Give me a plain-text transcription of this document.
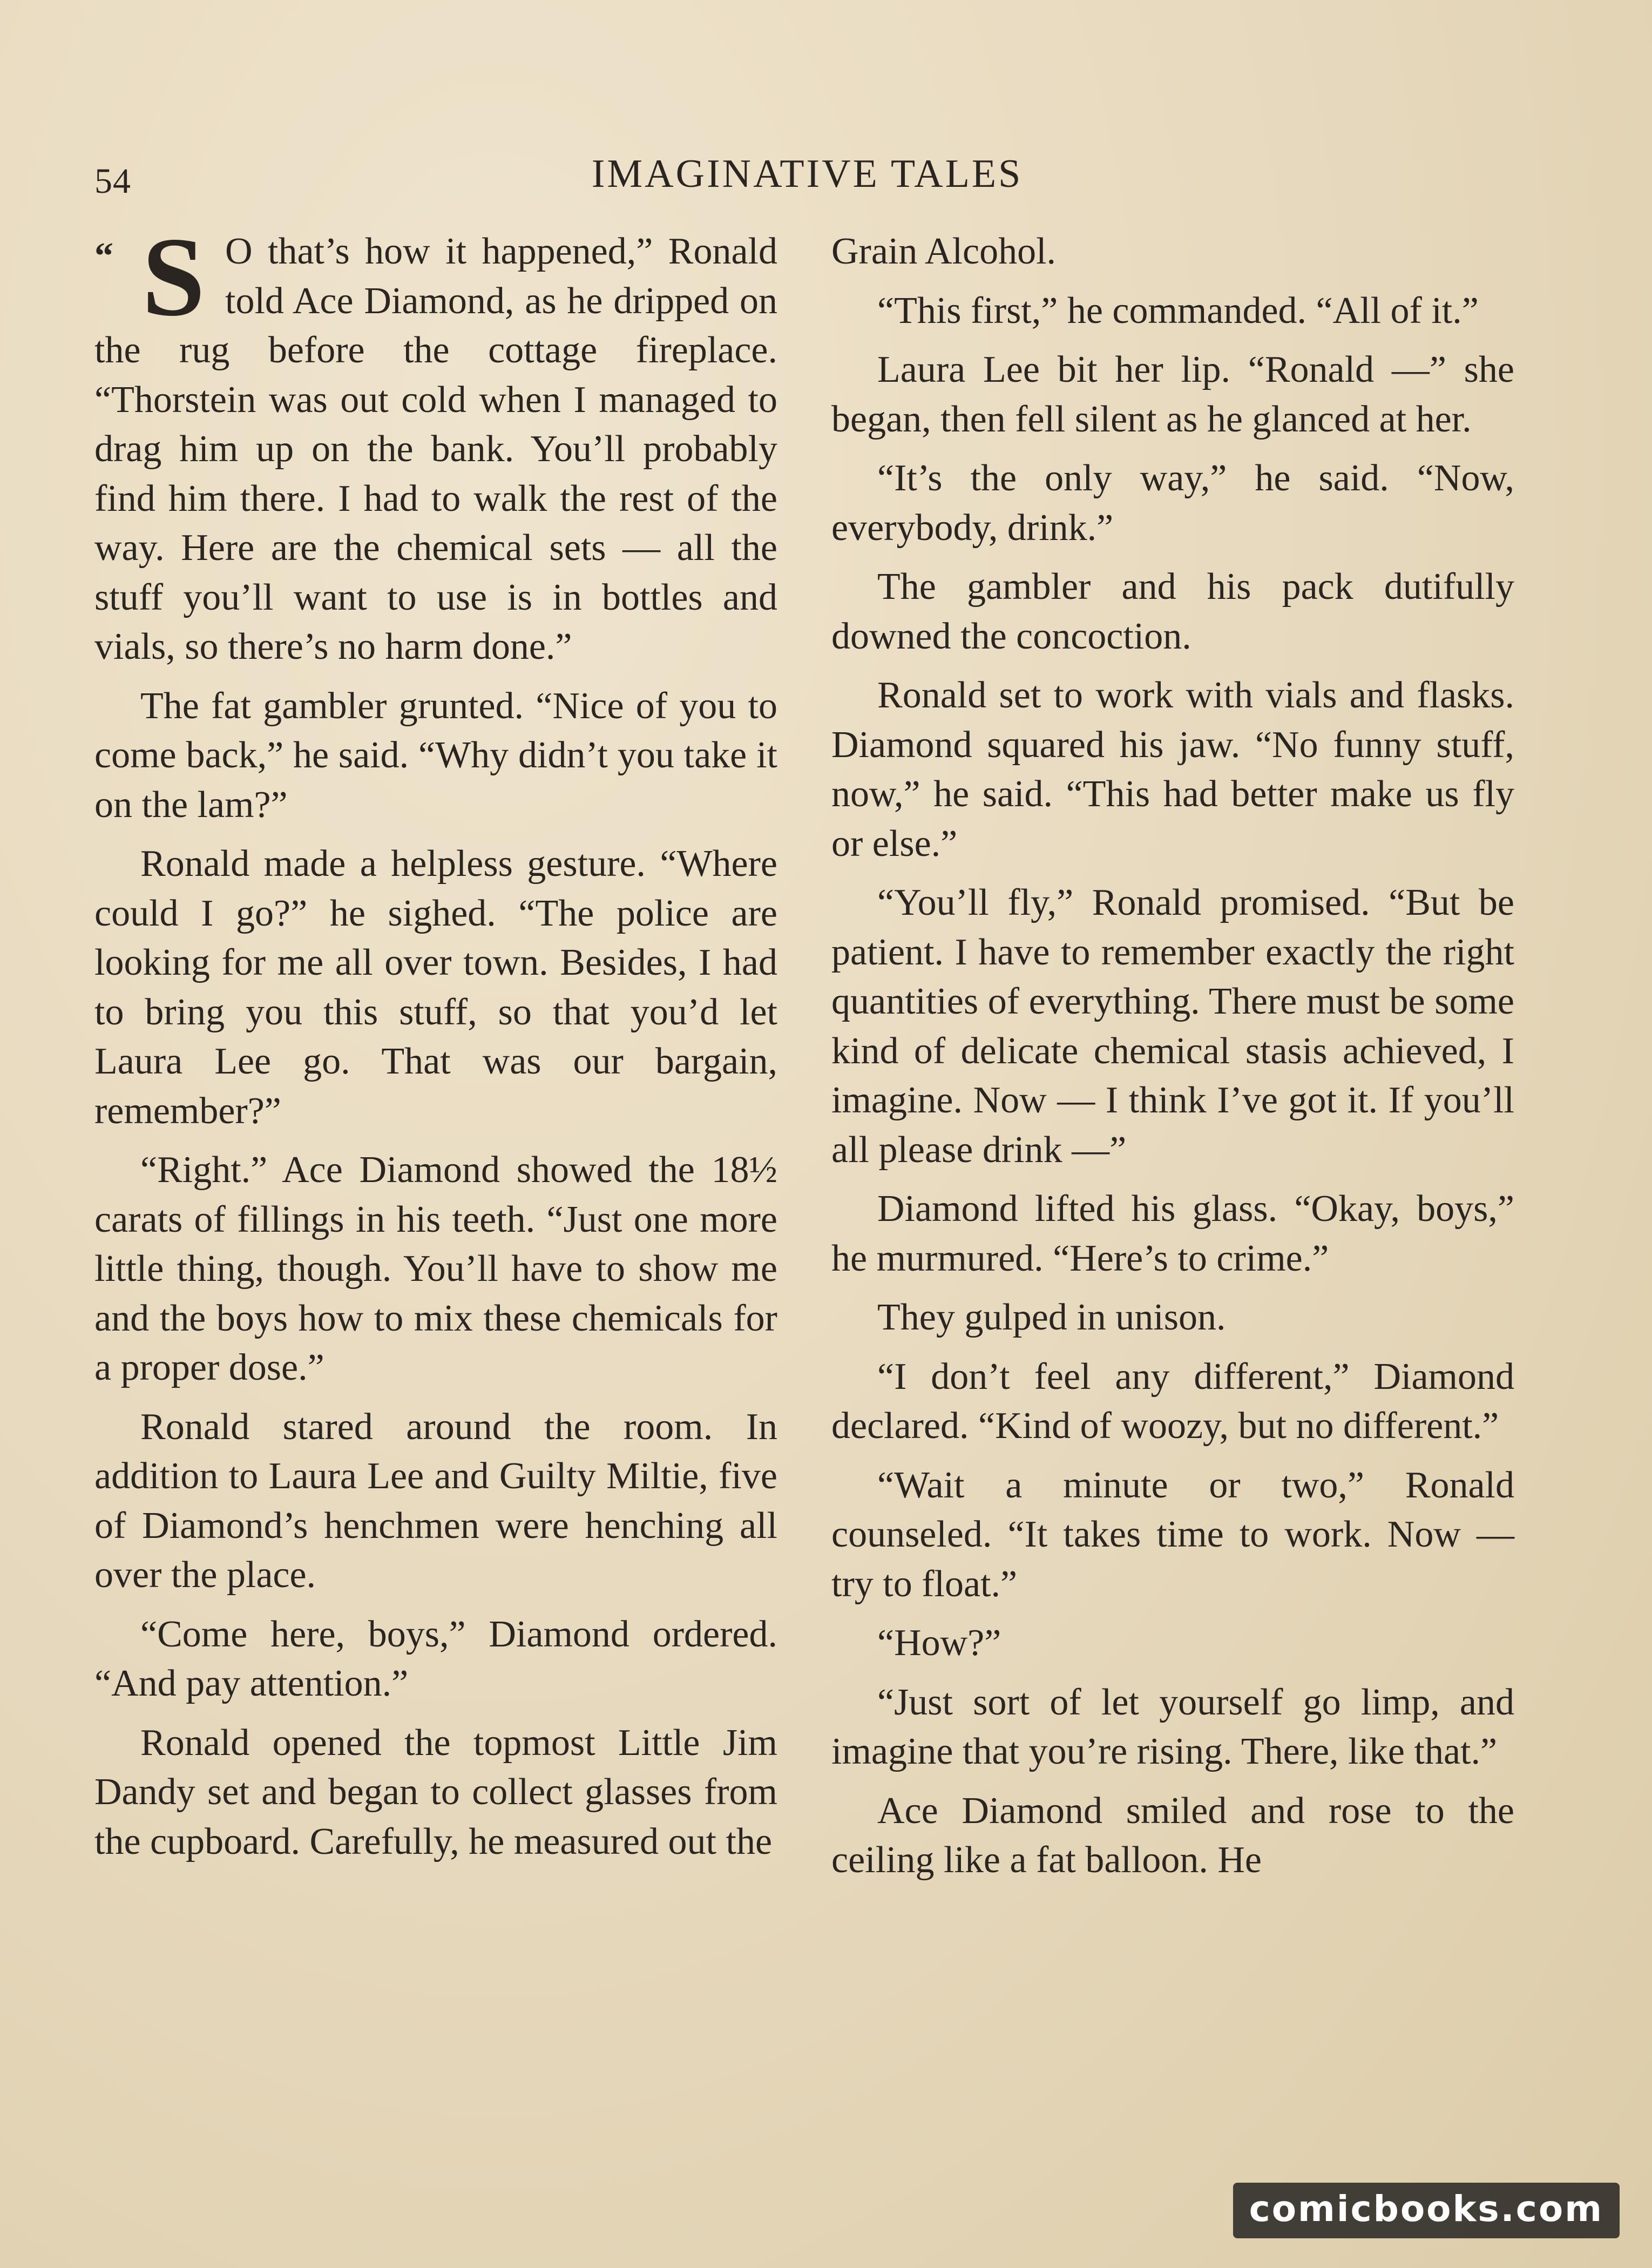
54	IMAGINATIVE TALES

“ S O that’s how it happened,” Ronald told Ace Diamond, as he dripped on the rug before the cottage fireplace. “Thorstein was out cold when I managed to drag him up on the bank. You’ll probably find him there. I had to walk the rest of the way. Here are the chemical sets — all the stuff you’ll want to use is in bottles and vials, so there’s no harm done.”

The fat gambler grunted. “Nice of you to come back,” he said. “Why didn’t you take it on the lam?”

Ronald made a helpless gesture. “Where could I go?” he sighed. “The police are looking for me all over town. Besides, I had to bring you this stuff, so that you’d let Laura Lee go. That was our bargain, remember?”

“Right.” Ace Diamond showed the 18½ carats of fillings in his teeth. “Just one more little thing, though. You’ll have to show me and the boys how to mix these chemicals for a proper dose.”

Ronald stared around the room. In addition to Laura Lee and Guilty Miltie, five of Diamond’s henchmen were henching all over the place.

“Come here, boys,” Diamond ordered. “And pay attention.”

Ronald opened the topmost Little Jim Dandy set and began to collect glasses from the cupboard. Carefully, he measured out the

Grain Alcohol.

“This first,” he commanded. “All of it.”

Laura Lee bit her lip. “Ronald —” she began, then fell silent as he glanced at her.

“It’s the only way,” he said. “Now, everybody, drink.”

The gambler and his pack dutifully downed the concoction.

Ronald set to work with vials and flasks. Diamond squared his jaw. “No funny stuff, now,” he said. “This had better make us fly or else.”

“You’ll fly,” Ronald promised. “But be patient. I have to remember exactly the right quantities of everything. There must be some kind of delicate chemical stasis achieved, I imagine. Now — I think I’ve got it. If you’ll all please drink —”

Diamond lifted his glass. “Okay, boys,” he murmured. “Here’s to crime.”

They gulped in unison.

“I don’t feel any different,” Diamond declared. “Kind of woozy, but no different.”

“Wait a minute or two,” Ronald counseled. “It takes time to work. Now — try to float.”

“How?”

“Just sort of let yourself go limp, and imagine that you’re rising. There, like that.”

Ace Diamond smiled and rose to the ceiling like a fat balloon. He

comicbooks.com
